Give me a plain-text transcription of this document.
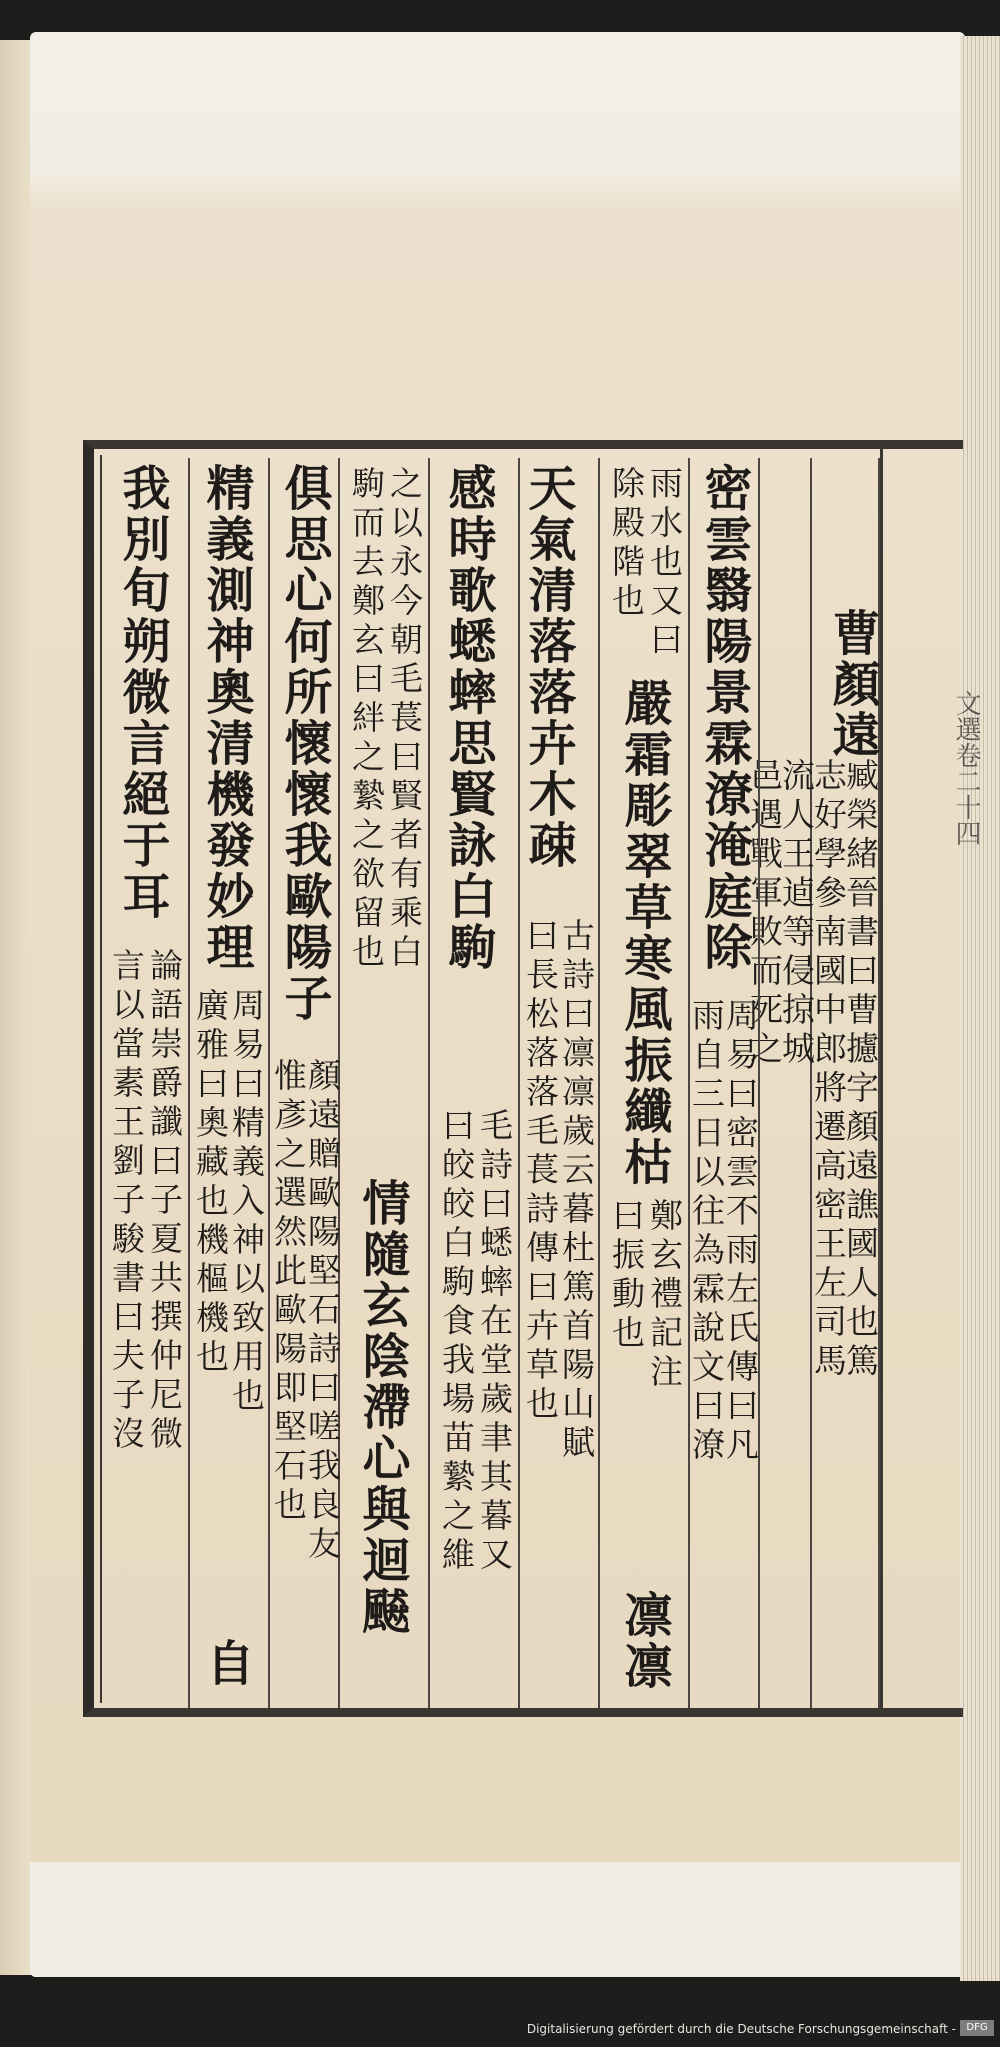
文選卷二十四
曹顏遠
臧榮緒晉書曰曹攄字顏遠譙國人也篤
志好學參南國中郎將遷高密王左司馬
流人王逌等侵掠城
邑遇戰軍敗而死之
密雲翳陽景霖潦淹庭除
周易曰密雲不雨左氏傳曰凡
雨自三日以往為霖說文曰潦
雨水也又曰
除殿階也
嚴霜彫翠草寒風振纖枯
鄭玄禮記注
曰振動也
天氣清落落卉木疎
古詩曰凛凛歲云暮杜篤首陽山賦
曰長松落落毛萇詩傳曰卉草也
感時歌蟋蟀思賢詠白駒
毛詩曰蟋蟀在堂歲聿其暮又
曰皎皎白駒食我場苗縶之維
之以永今朝毛萇曰賢者有乘白
駒而去鄭玄曰絆之縶之欲留也
情隨玄陰滯心與迴飇
俱思心何所懷懷我歐陽子
顏遠贈歐陽堅石詩曰嗟我良友
惟彥之選然此歐陽即堅石也
精義測神奧清機發妙理
周易曰精義入神以致用也
廣雅曰奧藏也機樞機也
自
我別旬朔微言絕于耳
論語崇爵讖曰子夏共撰仲尼微
言以當素王劉子駿書曰夫子沒
凛凛
Digitalisierung gefördert durch die Deutsche Forschungsgemeinschaft -	DFG
